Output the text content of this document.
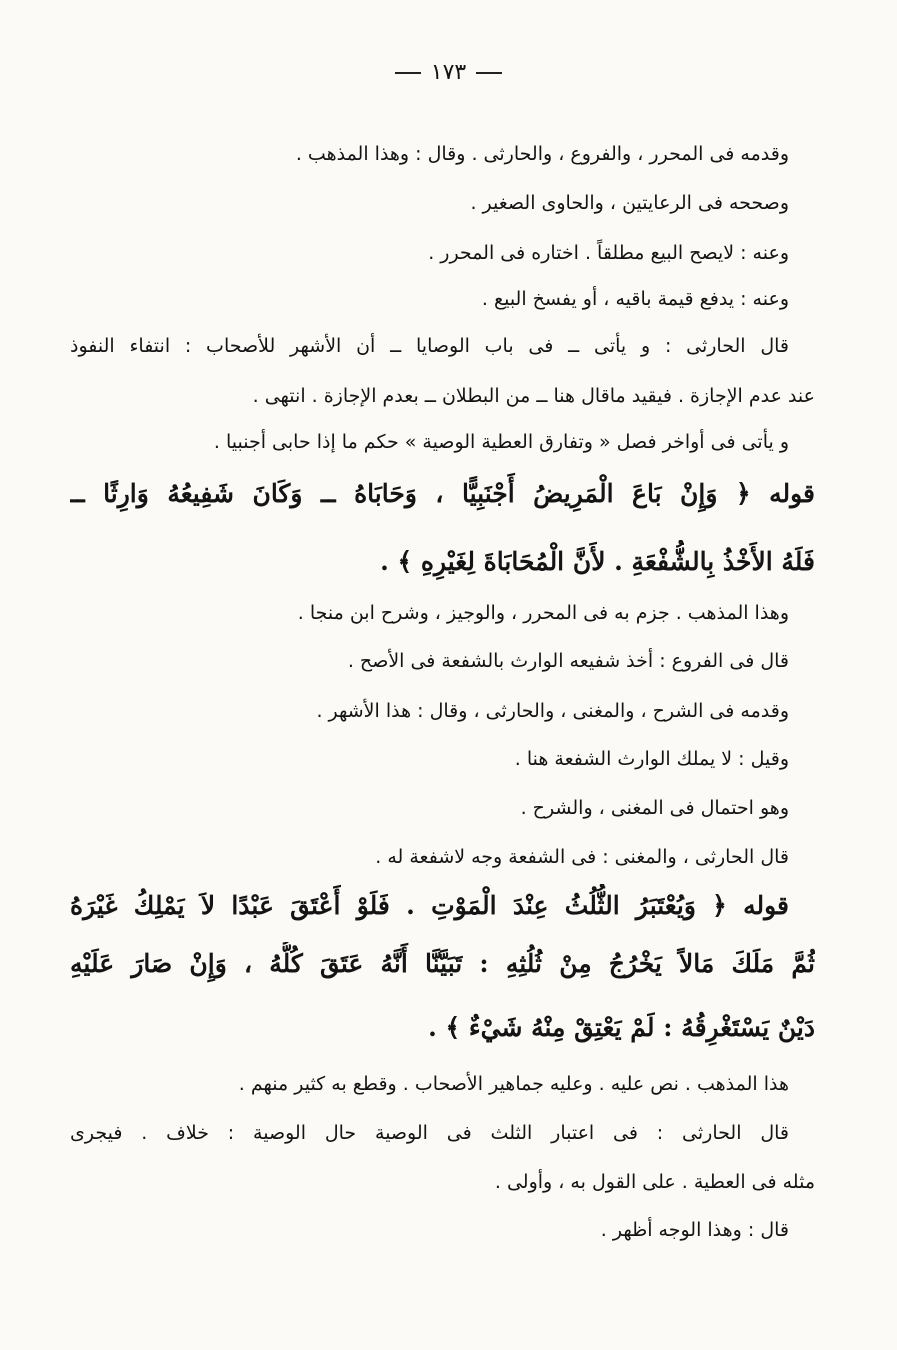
١٧٣
وقدمه فى المحرر ، والفروع ، والحارثى . وقال : وهذا المذهب .
وصححه فى الرعايتين ، والحاوى الصغير .
وعنه : لايصح البيع مطلقاً . اختاره فى المحرر .
وعنه : يدفع قيمة باقيه ، أو يفسخ البيع .
قال الحارثى : و يأتى ــ فى باب الوصايا ــ أن الأشهر للأصحاب : انتفاء النفوذ
عند عدم الإجازة . فيقيد ماقال هنا ــ من البطلان ــ بعدم الإجازة . انتهى .
و يأتى فى أواخر فصل « وتفارق العطية الوصية » حكم ما إذا حابى أجنبيا .
قوله ﴿ وَإِنْ بَاعَ الْمَرِيضُ أَجْنَبِيًّا ، وَحَابَاهُ ــ وَكَانَ شَفِيعُهُ وَارِثًا ــ
فَلَهُ الأَخْذُ بِالشُّفْعَةِ . لأَنَّ الْمُحَابَاةَ لِغَيْرِهِ ﴾ .
وهذا المذهب . جزم به فى المحرر ، والوجيز ، وشرح ابن منجا .
قال فى الفروع : أخذ شفيعه الوارث بالشفعة فى الأصح .
وقدمه فى الشرح ، والمغنى ، والحارثى ، وقال : هذا الأشهر .
وقيل : لا يملك الوارث الشفعة هنا .
وهو احتمال فى المغنى ، والشرح .
قال الحارثى ، والمغنى : فى الشفعة وجه لاشفعة له .
قوله ﴿ وَيُعْتَبَرُ الثُّلُثُ عِنْدَ الْمَوْتِ . فَلَوْ أَعْتَقَ عَبْدًا لاَ يَمْلِكُ غَيْرَهُ
ثُمَّ مَلَكَ مَالاً يَخْرُجُ مِنْ ثُلُثِهِ : تَبَيَّنَّا أَنَّهُ عَتَقَ كُلُّهُ ، وَإِنْ صَارَ عَلَيْهِ
دَيْنٌ يَسْتَغْرِقُهُ : لَمْ يَعْتِقْ مِنْهُ شَيْءٌ ﴾ .
هذا المذهب . نص عليه . وعليه جماهير الأصحاب . وقطع به كثير منهم .
قال الحارثى : فى اعتبار الثلث فى الوصية حال الوصية : خلاف . فيجرى
مثله فى العطية . على القول به ، وأولى .
قال : وهذا الوجه أظهر .
